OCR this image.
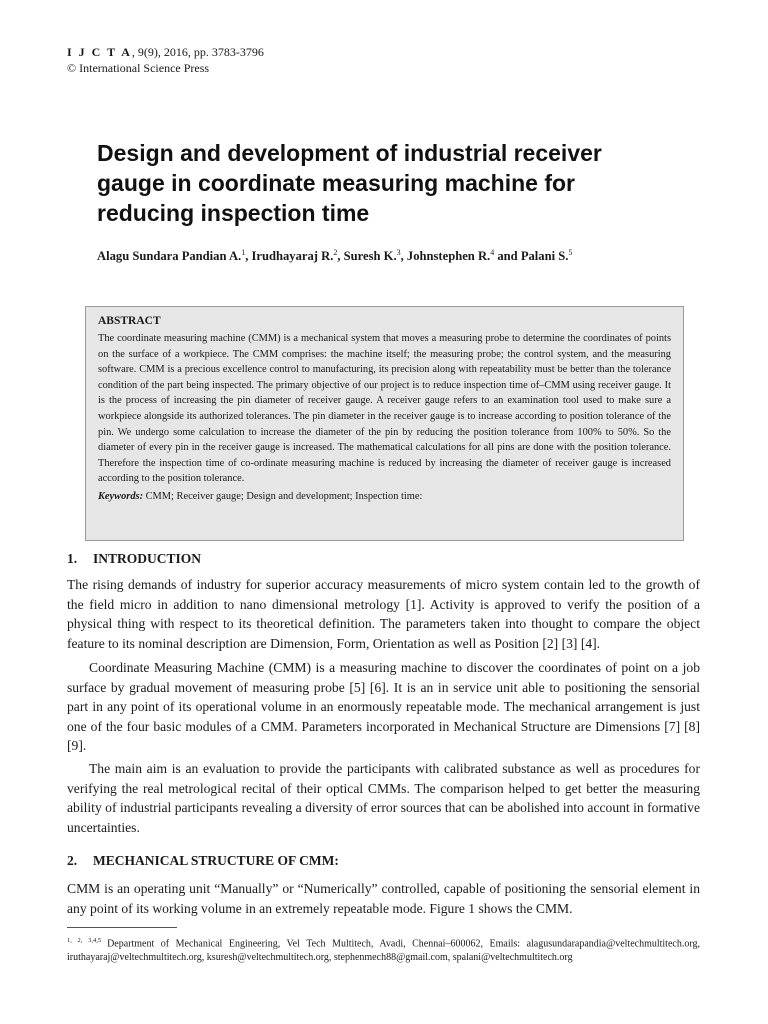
I J C T A, 9(9), 2016, pp. 3783-3796
© International Science Press
Design and development of industrial receiver gauge in coordinate measuring machine for reducing inspection time
Alagu Sundara Pandian A.$^1$, Irudhayaraj R.$^2$, Suresh K.$^3$, Johnstephen R.$^4$ and Palani S.$^5$
ABSTRACT

The coordinate measuring machine (CMM) is a mechanical system that moves a measuring probe to determine the coordinates of points on the surface of a workpiece. The CMM comprises: the machine itself; the measuring probe; the control system, and the measuring software. CMM is a precious excellence control to manufacturing, its precision along with repeatability must be better than the tolerance condition of the part being inspected. The primary objective of our project is to reduce inspection time of–CMM using receiver gauge. It is the process of increasing the pin diameter of receiver gauge. A receiver gauge refers to an examination tool used to make sure a workpiece alongside its authorized tolerances. The pin diameter in the receiver gauge is to increase according to position tolerance of the pin. We undergo some calculation to increase the diameter of the pin by reducing the position tolerance from 100% to 50%. So the diameter of every pin in the receiver gauge is increased. The mathematical calculations for all pins are done with the position tolerance. Therefore the inspection time of co-ordinate measuring machine is reduced by increasing the diameter of receiver gauge is increased according to the position tolerance.

Keywords: CMM; Receiver gauge; Design and development; Inspection time:
1. INTRODUCTION

The rising demands of industry for superior accuracy measurements of micro system contain led to the growth of the field micro in addition to nano dimensional metrology [1]. Activity is approved to verify the position of a physical thing with respect to its theoretical definition. The parameters taken into thought to compare the object feature to its nominal description are Dimension, Form, Orientation as well as Position [2] [3] [4].

Coordinate Measuring Machine (CMM) is a measuring machine to discover the coordinates of point on a job surface by gradual movement of measuring probe [5] [6]. It is an in service unit able to positioning the sensorial part in any point of its operational volume in an enormously repeatable mode. The mechanical arrangement is just one of the four basic modules of a CMM. Parameters incorporated in Mechanical Structure are Dimensions [7] [8] [9].

The main aim is an evaluation to provide the participants with calibrated substance as well as procedures for verifying the real metrological recital of their optical CMMs. The comparison helped to get better the measuring ability of industrial participants revealing a diversity of error sources that can be abolished into account in formative uncertainties.

2. MECHANICAL STRUCTURE OF CMM:

CMM is an operating unit “Manually” or “Numerically” controlled, capable of positioning the sensorial element in any point of its working volume in an extremely repeatable mode. Figure 1 shows the CMM.

$^{1, 2, 3,4,5}$ Department of Mechanical Engineering, Vel Tech Multitech, Avadi, Chennai–600062, Emails: alagusundarapandia@veltechmultitech.org, iruthayaraj@veltechmultitech.org, ksuresh@veltechmultitech.org, stephenmech88@gmail.com, spalani@veltechmultitech.org
